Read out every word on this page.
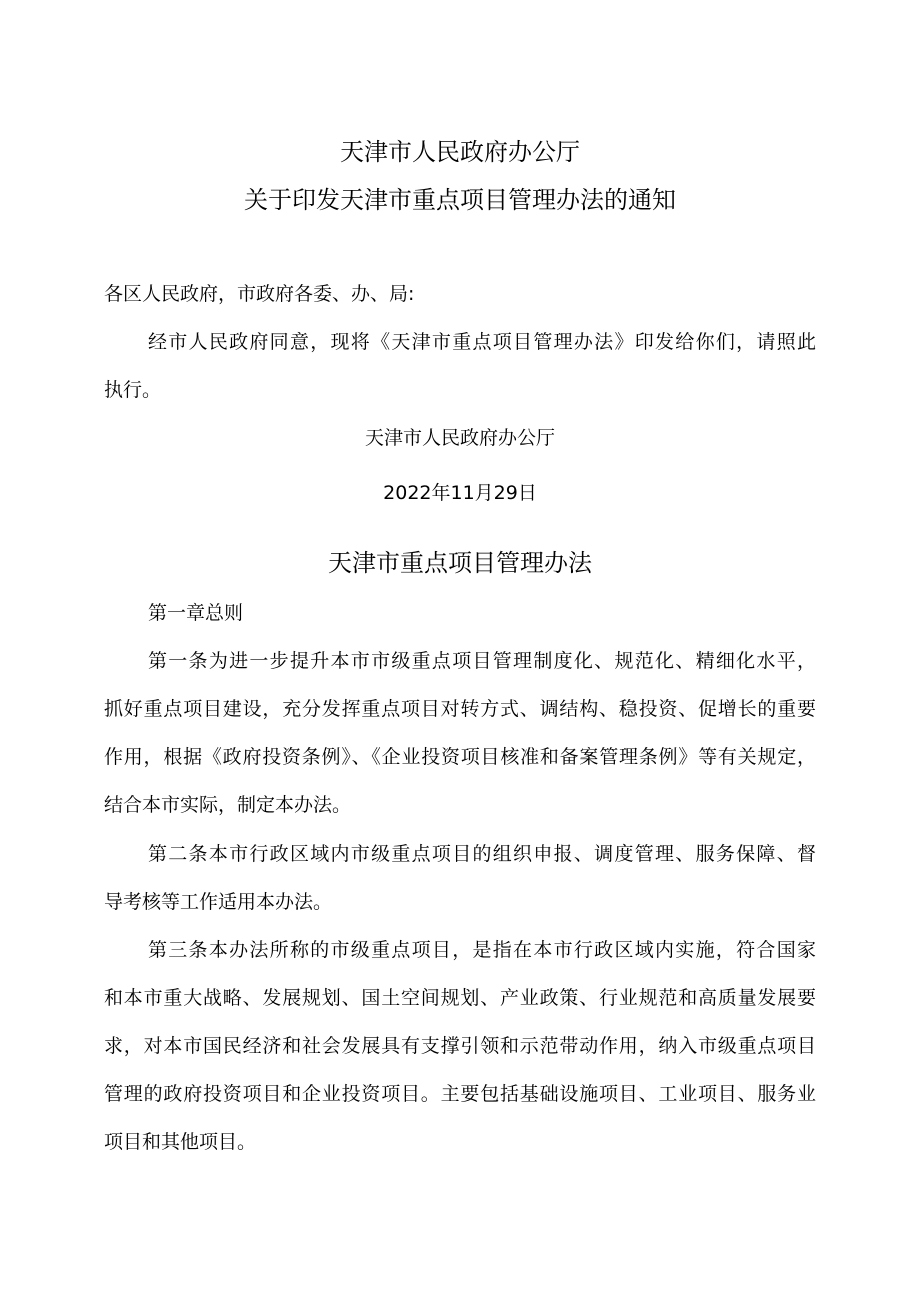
天津市人民政府办公厅
关于印发天津市重点项目管理办法的通知
各区人民政府，市政府各委、办、局:
经市人民政府同意，现将《天津市重点项目管理办法》印发给你们，请照此
执行。
天津市人民政府办公厅
2022年11月29日
天津市重点项目管理办法
第一章总则
第一条为进一步提升本市市级重点项目管理制度化、规范化、精细化水平，
抓好重点项目建设，充分发挥重点项目对转方式、调结构、稳投资、促增长的重要
作用，根据《政府投资条例》、《企业投资项目核准和备案管理条例》等有关规定，
结合本市实际，制定本办法。
第二条本市行政区域内市级重点项目的组织申报、调度管理、服务保障、督
导考核等工作适用本办法。
第三条本办法所称的市级重点项目，是指在本市行政区域内实施，符合国家
和本市重大战略、发展规划、国土空间规划、产业政策、行业规范和高质量发展要
求，对本市国民经济和社会发展具有支撑引领和示范带动作用，纳入市级重点项目
管理的政府投资项目和企业投资项目。主要包括基础设施项目、工业项目、服务业
项目和其他项目。
